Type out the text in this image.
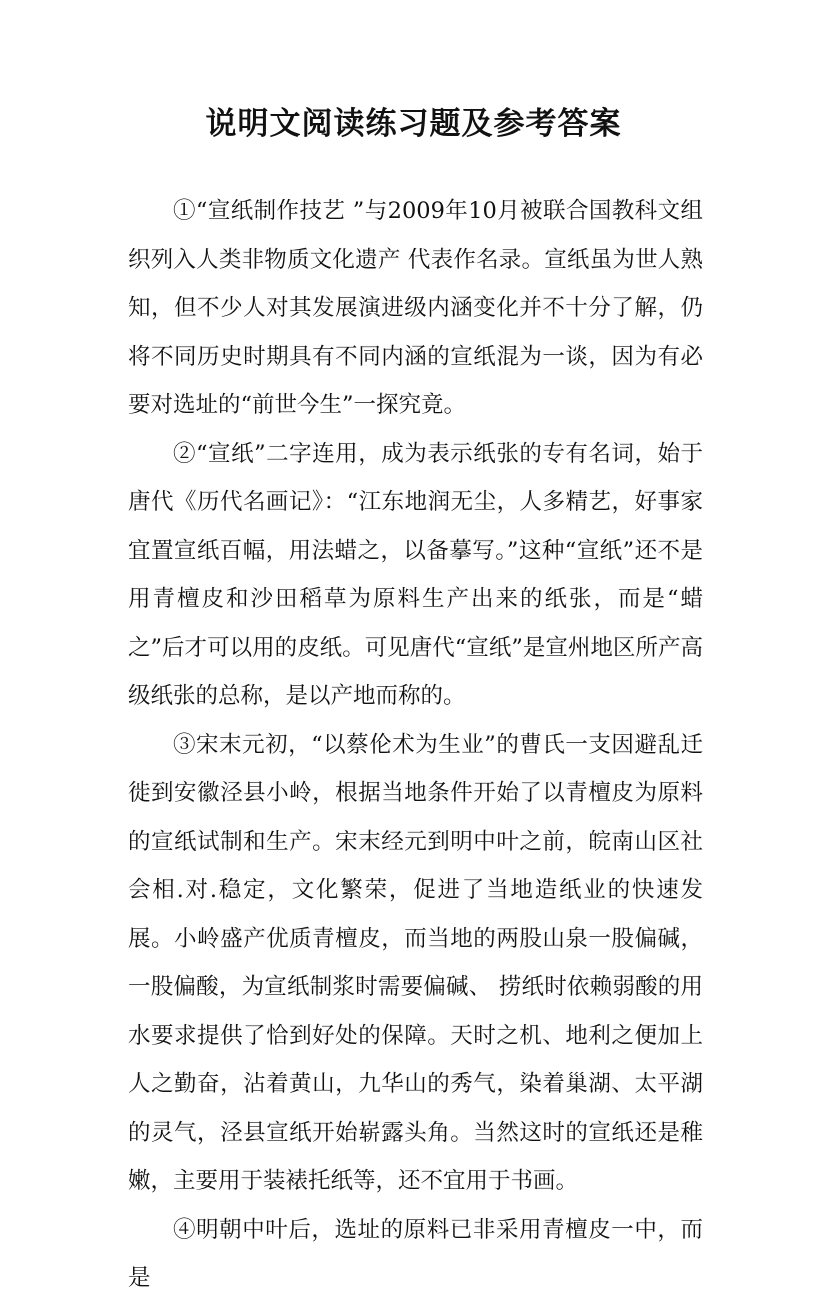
说明文阅读练习题及参考答案

①“宣纸制作技艺 ”与2009年10月被联合国教科文组织列入人类非物质文化遗产 代表作名录。宣纸虽为世人熟知，但不少人对其发展演进级内涵变化并不十分了解，仍将不同历史时期具有不同内涵的宣纸混为一谈，因为有必要对选址的“前世今生”一探究竟。

②“宣纸”二字连用，成为表示纸张的专有名词，始于唐代《历代名画记》：“江东地润无尘，人多精艺，好事家宜置宣纸百幅，用法蜡之，以备摹写。”这种“宣纸”还不是用青檀皮和沙田稻草为原料生产出来的纸张，而是“蜡之”后才可以用的皮纸。可见唐代“宣纸”是宣州地区所产高级纸张的总称，是以产地而称的。

③宋末元初，“以蔡伦术为生业”的曹氏一支因避乱迁徙到安徽泾县小岭，根据当地条件开始了以青檀皮为原料的宣纸试制和生产。宋末经元到明中叶之前，皖南山区社会相.对.稳定，文化繁荣，促进了当地造纸业的快速发展。小岭盛产优质青檀皮，而当地的两股山泉一股偏碱，一股偏酸，为宣纸制浆时需要偏碱、 捞纸时依赖弱酸的用水要求提供了恰到好处的保障。天时之机、地利之便加上人之勤奋，沾着黄山，九华山的秀气，染着巢湖、太平湖的灵气，泾县宣纸开始崭露头角。当然这时的宣纸还是稚嫩，主要用于装裱托纸等，还不宜用于书画。

④明朝中叶后，选址的原料已非采用青檀皮一中，而是
